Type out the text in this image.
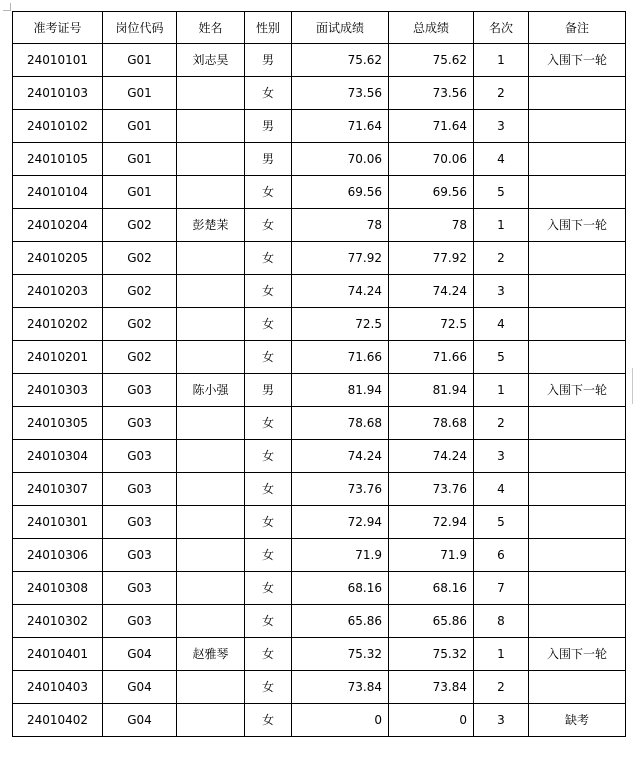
准考证号	岗位代码	姓名	性别	面试成绩	总成绩	名次	备注
24010101	G01	刘志昊	男	75.62	75.62	1	入围下一轮
24010103	G01		女	73.56	73.56	2	
24010102	G01		男	71.64	71.64	3	
24010105	G01		男	70.06	70.06	4	
24010104	G01		女	69.56	69.56	5	
24010204	G02	彭楚茉	女	78	78	1	入围下一轮
24010205	G02		女	77.92	77.92	2	
24010203	G02		女	74.24	74.24	3	
24010202	G02		女	72.5	72.5	4	
24010201	G02		女	71.66	71.66	5	
24010303	G03	陈小强	男	81.94	81.94	1	入围下一轮
24010305	G03		女	78.68	78.68	2	
24010304	G03		女	74.24	74.24	3	
24010307	G03		女	73.76	73.76	4	
24010301	G03		女	72.94	72.94	5	
24010306	G03		女	71.9	71.9	6	
24010308	G03		女	68.16	68.16	7	
24010302	G03		女	65.86	65.86	8	
24010401	G04	赵雅琴	女	75.32	75.32	1	入围下一轮
24010403	G04		女	73.84	73.84	2	
24010402	G04		女	0	0	3	缺考
